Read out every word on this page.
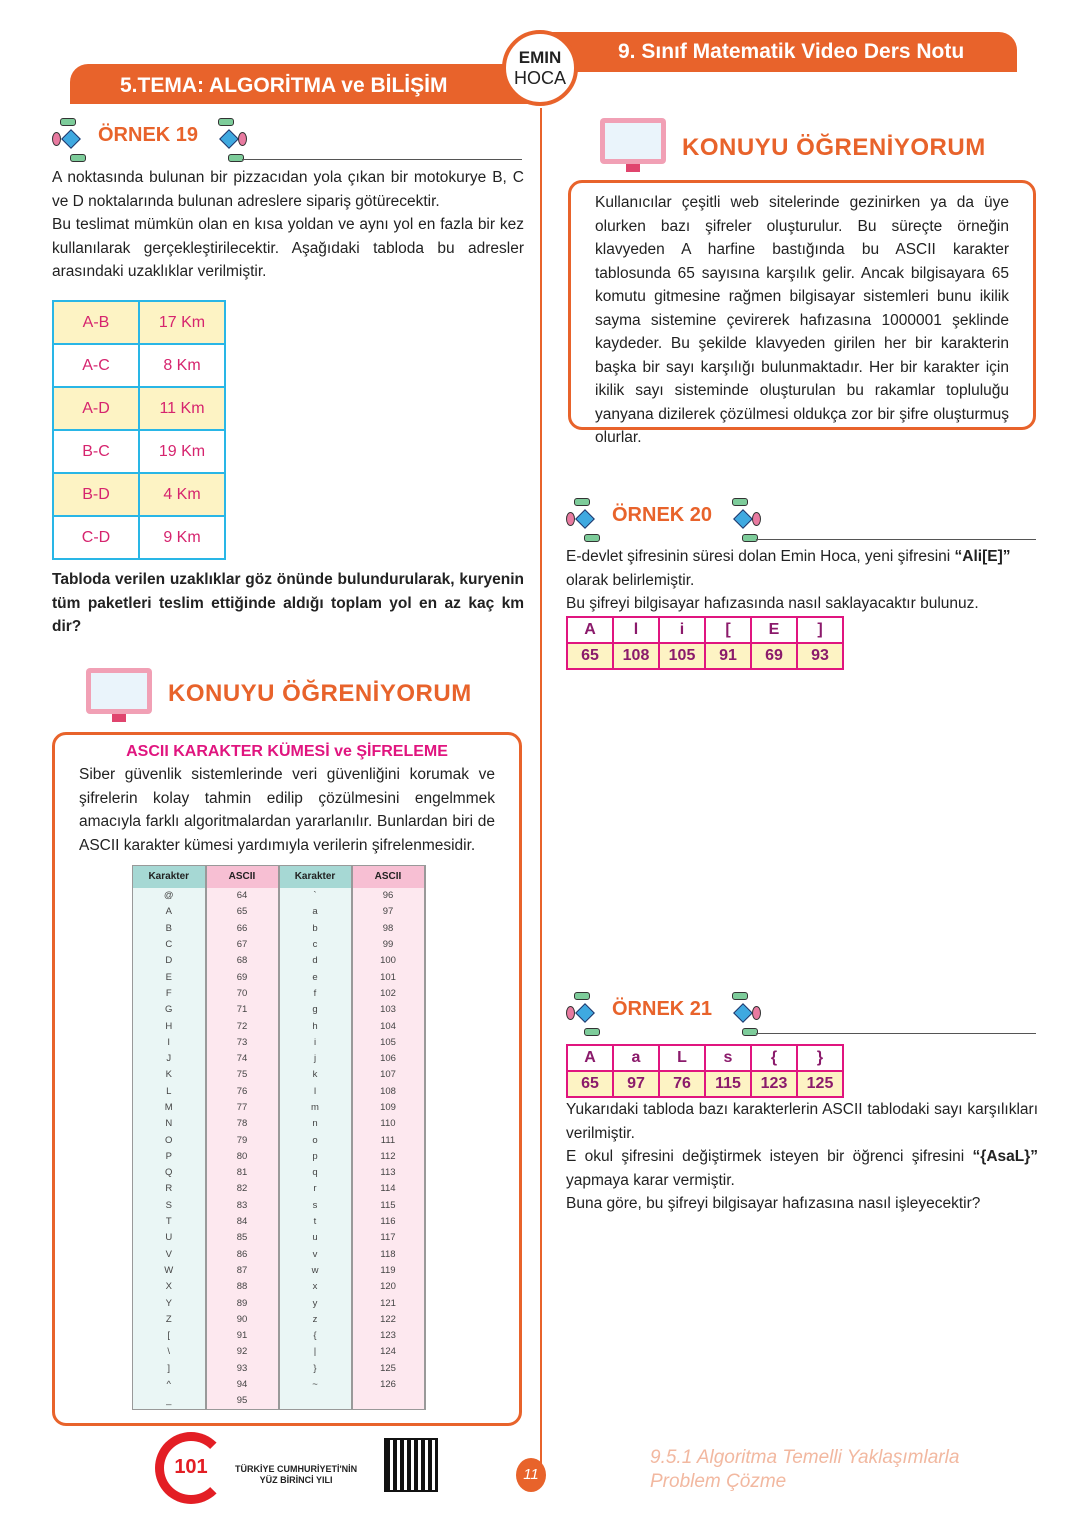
5.TEMA: ALGORİTMA ve BİLİŞİM
9. Sınıf Matematik Video Ders Notu
EMIN
HOCA
ÖRNEK 19

A noktasında bulunan bir pizzacıdan yola çıkan bir motokurye B, C ve D noktalarında bulunan adreslere sipariş götürecektir.

Bu teslimat mümkün olan en kısa yoldan ve aynı yol en fazla bir kez kullanılarak gerçekleştirilecektir. Aşağıdaki tabloda bu adresler arasındaki uzaklıklar verilmiştir.

A-B	17 Km
A-C	8 Km
A-D	11 Km
B-C	19 Km
B-D	4 Km
C-D	9 Km

Tabloda verilen uzaklıklar göz önünde bulundurularak, kuryenin tüm paketleri teslim ettiğinde aldığı toplam yol en az kaç km dir?

KONUYU ÖĞRENİYORUM
ASCII KARAKTER KÜMESİ ve ŞİFRELEME

Siber güvenlik sistemlerinde veri güvenliğini korumak ve şifrelerin kolay tahmin edilip çözülmesini engelmmek amacıyla farklı algoritmalardan yararlanılır. Bunlardan biri de ASCII karakter kümesi yardımıyla verilerin şifrelenmesidir.

Karakter	ASCII	Karakter	ASCII
@	64	`	96
A	65	a	97
B	66	b	98
C	67	c	99
D	68	d	100
E	69	e	101
F	70	f	102
G	71	g	103
H	72	h	104
I	73	i	105
J	74	j	106
K	75	k	107
L	76	l	108
M	77	m	109
N	78	n	110
O	79	o	111
P	80	p	112
Q	81	q	113
R	82	r	114
S	83	s	115
T	84	t	116
U	85	u	117
V	86	v	118
W	87	w	119
X	88	x	120
Y	89	y	121
Z	90	z	122
[	91	{	123
\	92	|	124
]	93	}	125
^	94	~	126
_	95		
KONUYU ÖĞRENİYORUM

Kullanıcılar çeşitli web sitelerinde gezinirken ya da üye olurken bazı şifreler oluşturulur. Bu süreçte örneğin klavyeden A harfine bastığında bu ASCII karakter tablosunda 65 sayısına karşılık gelir. Ancak bilgisayara 65 komutu gitmesine rağmen bilgisayar sistemleri bunu ikilik sayma sistemine çevirerek hafızasına 1000001 şeklinde kaydeder. Bu şekilde klavyeden girilen her bir karakterin başka bir sayı karşılığı bulunmaktadır. Her bir karakter için ikilik sayı sisteminde oluşturulan bu rakamlar topluluğu yanyana dizilerek çözülmesi oldukça zor bir şifre oluşturmuş olurlar.

ÖRNEK 20

E-devlet şifresinin süresi dolan Emin Hoca, yeni şifresini “Ali[E]”

olarak belirlemiştir.

Bu şifreyi bilgisayar hafızasında nasıl saklayacaktır bulunuz.

A	l	i	[	E	]
65	108	105	91	69	93
ÖRNEK 21
A	a	L	s	{	}
65	97	76	115	123	125

Yukarıdaki tabloda bazı karakterlerin ASCII tablodaki sayı karşılıkları verilmiştir.

E okul şifresini değiştirmek isteyen bir öğrenci şifresini “{AsaL}” yapmaya karar vermiştir.

Buna göre, bu şifreyi bilgisayar hafızasına nasıl işleyecektir?

101	TÜRKİYE CUMHURİYETİ'NİN
YÜZ BİRİNCİ YILI	11
9.5.1 Algoritma Temelli Yaklaşımlarla
Problem Çözme
